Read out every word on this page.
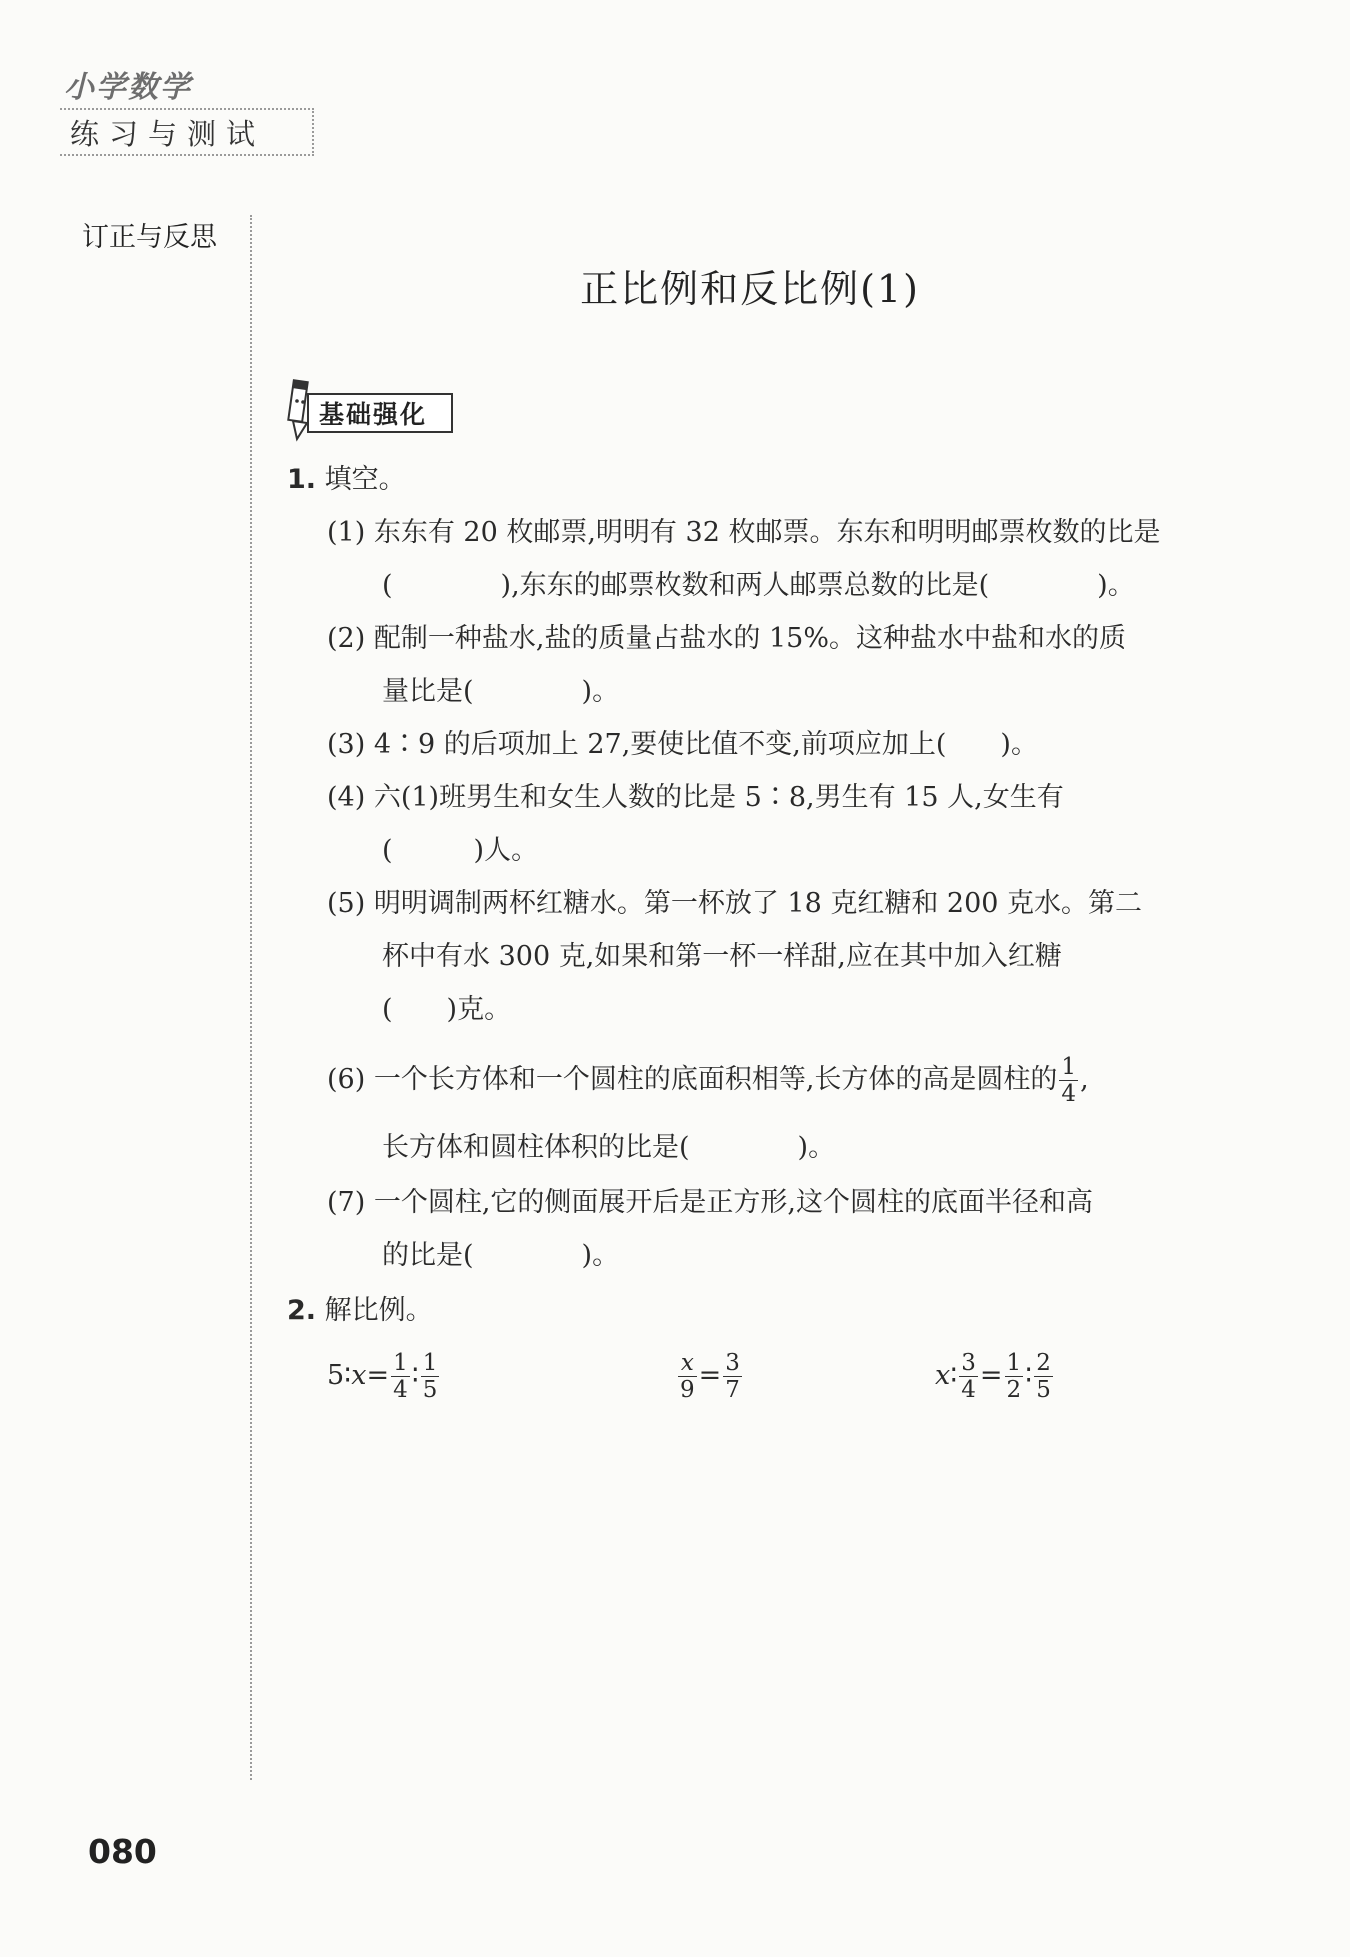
小学数学
练习与测试
订正与反思
正比例和反比例(1)
基础强化
1. 填空。
(1) 东东有 20 枚邮票,明明有 32 枚邮票。东东和明明邮票枚数的比是
(　　　　),东东的邮票枚数和两人邮票总数的比是(　　　　)。
(2) 配制一种盐水,盐的质量占盐水的 15%。这种盐水中盐和水的质
量比是(　　　　)。
(3) 4∶9 的后项加上 27,要使比值不变,前项应加上(　　)。
(4) 六(1)班男生和女生人数的比是 5∶8,男生有 15 人,女生有
(　　　)人。
(5) 明明调制两杯红糖水。第一杯放了 18 克红糖和 200 克水。第二
杯中有水 300 克,如果和第一杯一样甜,应在其中加入红糖
(　　)克。
(6) 一个长方体和一个圆柱的底面积相等,长方体的高是圆柱的 $\frac{1}{4}$ ,
长方体和圆柱体积的比是(　　　　)。
(7) 一个圆柱,它的侧面展开后是正方形,这个圆柱的底面半径和高
的比是(　　　　)。
2. 解比例。
5∶x= $\frac{1}{4}$ ∶ $\frac{1}{5}$	$\frac{x}{9} = \frac{3}{7}$	x∶ $\frac{3}{4} = \frac{1}{2}$ ∶ $\frac{2}{5}$
080
